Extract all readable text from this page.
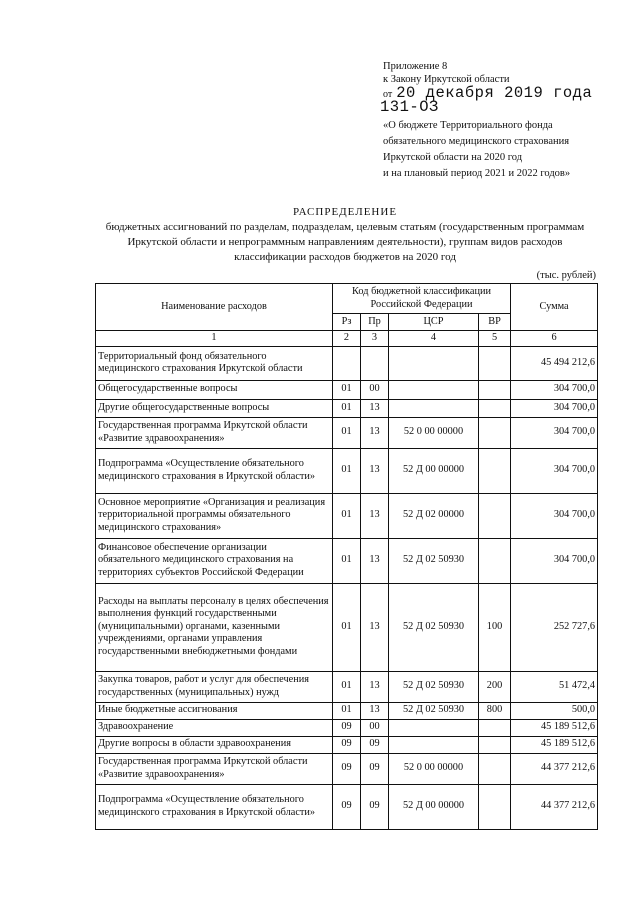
Приложение 8
к Закону Иркутской области
от 20 декабря 2019 года
131-ОЗ
«О бюджете Территориального фонда
обязательного медицинского страхования
Иркутской области на 2020 год
и на плановый период 2021 и 2022 годов»
РАСПРЕДЕЛЕНИЕ
бюджетных ассигнований по разделам, подразделам, целевым статьям (государственным программам
Иркутской области и непрограммным направлениям деятельности), группам видов расходов
классификации расходов бюджетов на 2020 год
(тыс. рублей)
Наименование расходов	Код бюджетной классификации Российской Федерации				Сумма
	Рз	Пр	ЦСР	ВР	
1	2	3	4	5	6
Территориальный фонд обязательного медицинского страхования Иркутской области					45 494 212,6
Общегосударственные вопросы	01	00			304 700,0
Другие общегосударственные вопросы	01	13			304 700,0
Государственная программа Иркутской области «Развитие здравоохранения»	01	13	52 0 00 00000		304 700,0
Подпрограмма «Осуществление обязательного медицинского страхования в Иркутской области»	01	13	52 Д 00 00000		304 700,0
Основное мероприятие «Организация и реализация территориальной программы обязательного медицинского страхования»	01	13	52 Д 02 00000		304 700,0
Финансовое обеспечение организации обязательного медицинского страхования на территориях субъектов Российской Федерации	01	13	52 Д 02 50930		304 700,0
Расходы на выплаты персоналу в целях обеспечения выполнения функций государственными (муниципальными) органами, казенными учреждениями, органами управления государственными внебюджетными фондами	01	13	52 Д 02 50930	100	252 727,6
Закупка товаров, работ и услуг для обеспечения государственных (муниципальных) нужд	01	13	52 Д 02 50930	200	51 472,4
Иные бюджетные ассигнования	01	13	52 Д 02 50930	800	500,0
Здравоохранение	09	00			45 189 512,6
Другие вопросы в области здравоохранения	09	09			45 189 512,6
Государственная программа Иркутской области «Развитие здравоохранения»	09	09	52 0 00 00000		44 377 212,6
Подпрограмма «Осуществление обязательного медицинского страхования в Иркутской области»	09	09	52 Д 00 00000		44 377 212,6
